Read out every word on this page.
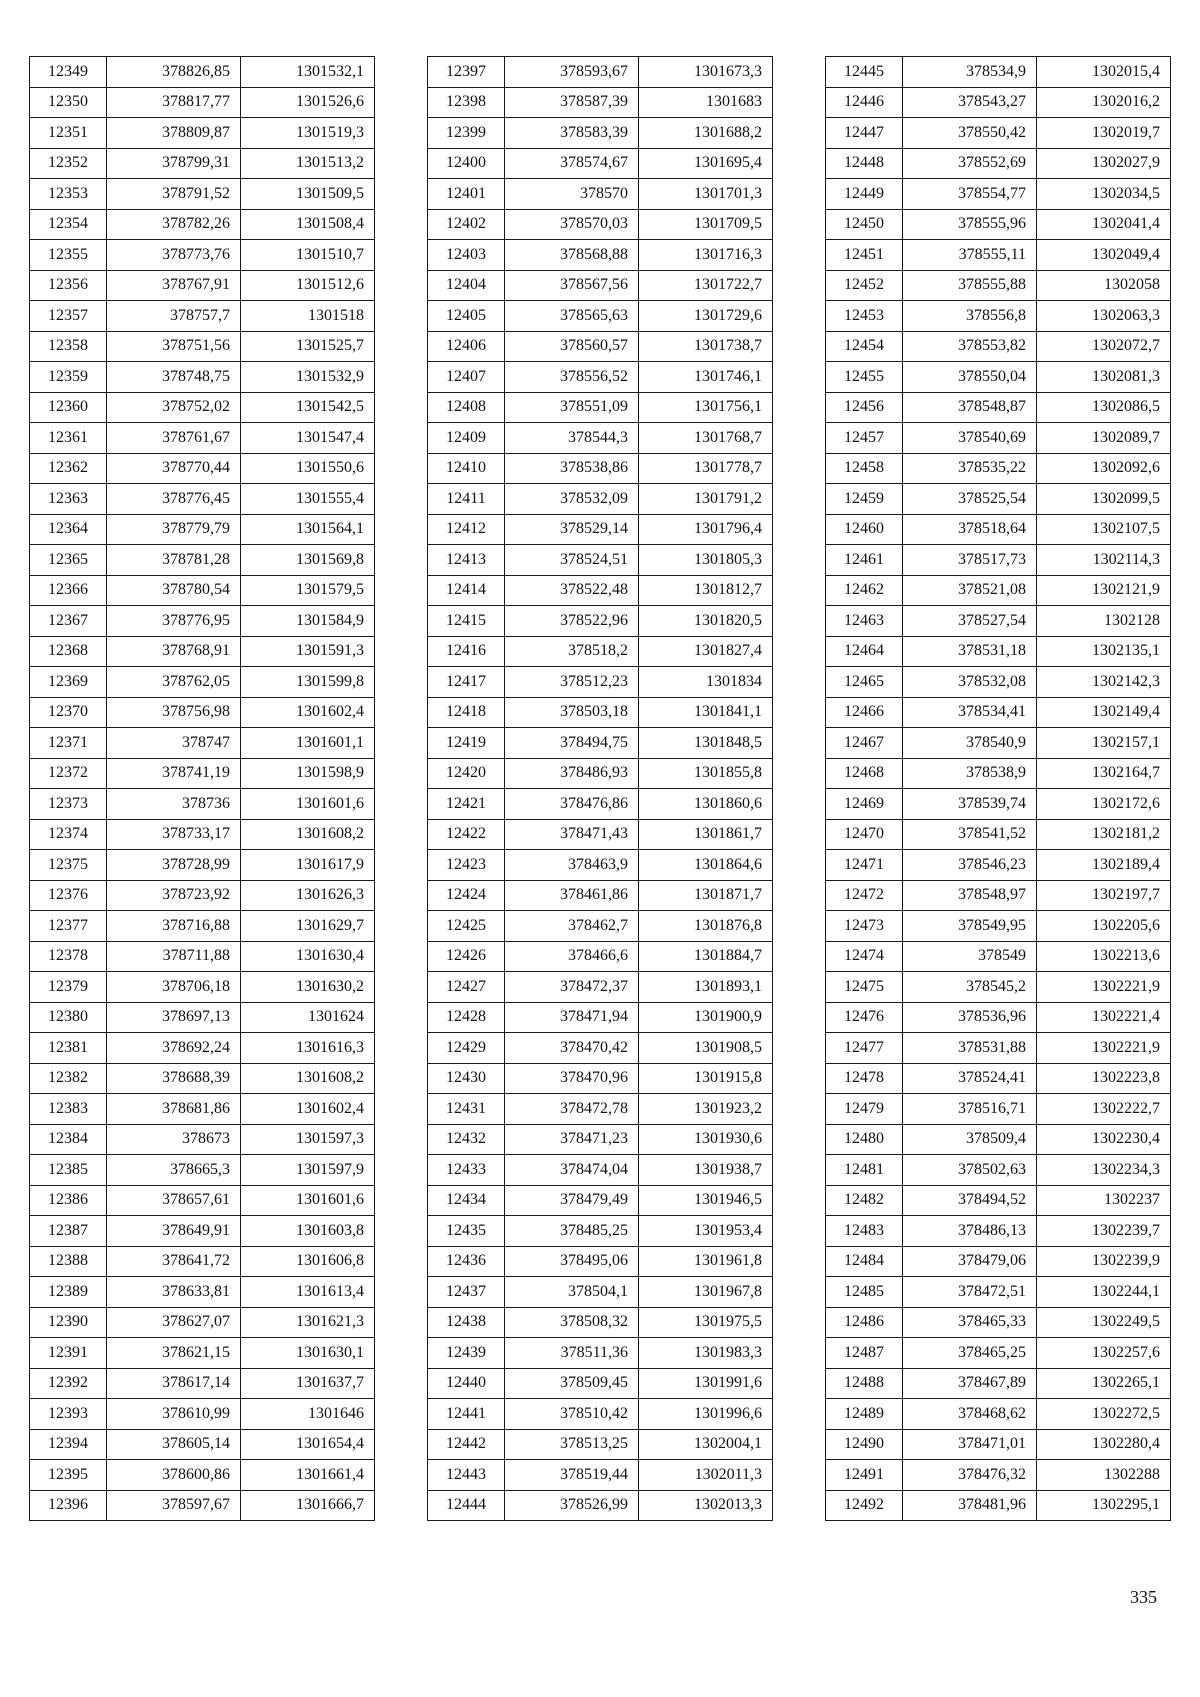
12349	378826,85	1301532,1
12350	378817,77	1301526,6
12351	378809,87	1301519,3
12352	378799,31	1301513,2
12353	378791,52	1301509,5
12354	378782,26	1301508,4
12355	378773,76	1301510,7
12356	378767,91	1301512,6
12357	378757,7	1301518
12358	378751,56	1301525,7
12359	378748,75	1301532,9
12360	378752,02	1301542,5
12361	378761,67	1301547,4
12362	378770,44	1301550,6
12363	378776,45	1301555,4
12364	378779,79	1301564,1
12365	378781,28	1301569,8
12366	378780,54	1301579,5
12367	378776,95	1301584,9
12368	378768,91	1301591,3
12369	378762,05	1301599,8
12370	378756,98	1301602,4
12371	378747	1301601,1
12372	378741,19	1301598,9
12373	378736	1301601,6
12374	378733,17	1301608,2
12375	378728,99	1301617,9
12376	378723,92	1301626,3
12377	378716,88	1301629,7
12378	378711,88	1301630,4
12379	378706,18	1301630,2
12380	378697,13	1301624
12381	378692,24	1301616,3
12382	378688,39	1301608,2
12383	378681,86	1301602,4
12384	378673	1301597,3
12385	378665,3	1301597,9
12386	378657,61	1301601,6
12387	378649,91	1301603,8
12388	378641,72	1301606,8
12389	378633,81	1301613,4
12390	378627,07	1301621,3
12391	378621,15	1301630,1
12392	378617,14	1301637,7
12393	378610,99	1301646
12394	378605,14	1301654,4
12395	378600,86	1301661,4
12396	378597,67	1301666,7
12397	378593,67	1301673,3
12398	378587,39	1301683
12399	378583,39	1301688,2
12400	378574,67	1301695,4
12401	378570	1301701,3
12402	378570,03	1301709,5
12403	378568,88	1301716,3
12404	378567,56	1301722,7
12405	378565,63	1301729,6
12406	378560,57	1301738,7
12407	378556,52	1301746,1
12408	378551,09	1301756,1
12409	378544,3	1301768,7
12410	378538,86	1301778,7
12411	378532,09	1301791,2
12412	378529,14	1301796,4
12413	378524,51	1301805,3
12414	378522,48	1301812,7
12415	378522,96	1301820,5
12416	378518,2	1301827,4
12417	378512,23	1301834
12418	378503,18	1301841,1
12419	378494,75	1301848,5
12420	378486,93	1301855,8
12421	378476,86	1301860,6
12422	378471,43	1301861,7
12423	378463,9	1301864,6
12424	378461,86	1301871,7
12425	378462,7	1301876,8
12426	378466,6	1301884,7
12427	378472,37	1301893,1
12428	378471,94	1301900,9
12429	378470,42	1301908,5
12430	378470,96	1301915,8
12431	378472,78	1301923,2
12432	378471,23	1301930,6
12433	378474,04	1301938,7
12434	378479,49	1301946,5
12435	378485,25	1301953,4
12436	378495,06	1301961,8
12437	378504,1	1301967,8
12438	378508,32	1301975,5
12439	378511,36	1301983,3
12440	378509,45	1301991,6
12441	378510,42	1301996,6
12442	378513,25	1302004,1
12443	378519,44	1302011,3
12444	378526,99	1302013,3
12445	378534,9	1302015,4
12446	378543,27	1302016,2
12447	378550,42	1302019,7
12448	378552,69	1302027,9
12449	378554,77	1302034,5
12450	378555,96	1302041,4
12451	378555,11	1302049,4
12452	378555,88	1302058
12453	378556,8	1302063,3
12454	378553,82	1302072,7
12455	378550,04	1302081,3
12456	378548,87	1302086,5
12457	378540,69	1302089,7
12458	378535,22	1302092,6
12459	378525,54	1302099,5
12460	378518,64	1302107,5
12461	378517,73	1302114,3
12462	378521,08	1302121,9
12463	378527,54	1302128
12464	378531,18	1302135,1
12465	378532,08	1302142,3
12466	378534,41	1302149,4
12467	378540,9	1302157,1
12468	378538,9	1302164,7
12469	378539,74	1302172,6
12470	378541,52	1302181,2
12471	378546,23	1302189,4
12472	378548,97	1302197,7
12473	378549,95	1302205,6
12474	378549	1302213,6
12475	378545,2	1302221,9
12476	378536,96	1302221,4
12477	378531,88	1302221,9
12478	378524,41	1302223,8
12479	378516,71	1302222,7
12480	378509,4	1302230,4
12481	378502,63	1302234,3
12482	378494,52	1302237
12483	378486,13	1302239,7
12484	378479,06	1302239,9
12485	378472,51	1302244,1
12486	378465,33	1302249,5
12487	378465,25	1302257,6
12488	378467,89	1302265,1
12489	378468,62	1302272,5
12490	378471,01	1302280,4
12491	378476,32	1302288
12492	378481,96	1302295,1
335
